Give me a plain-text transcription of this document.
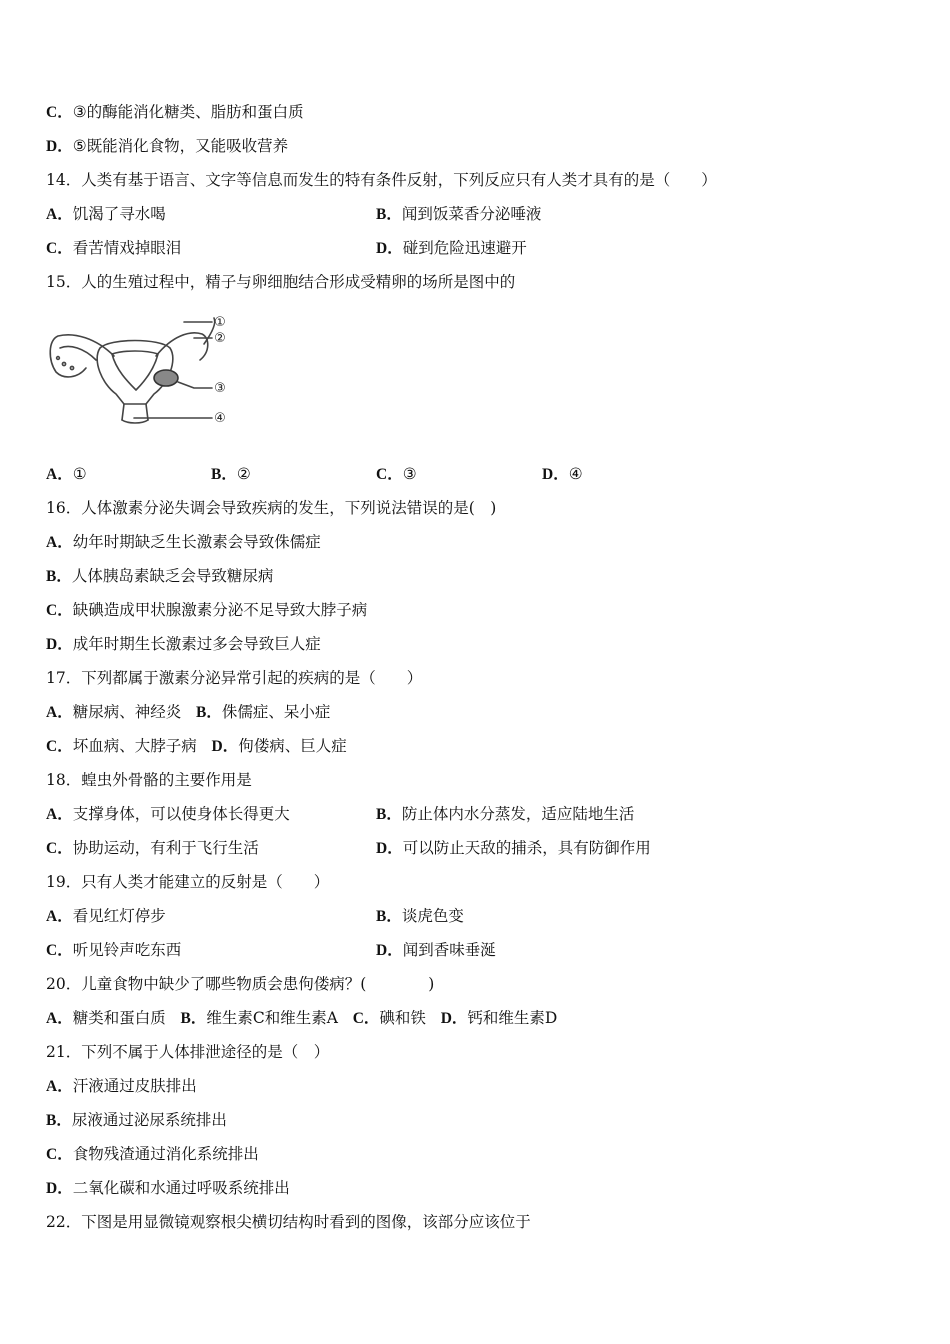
C．③的酶能消化糖类、脂肪和蛋白质
D．⑤既能消化食物，又能吸收营养
14．人类有基于语言、文字等信息而发生的特有条件反射，下列反应只有人类才具有的是（　　）
A．饥渴了寻水喝	B．闻到饭菜香分泌唾液
C．看苦情戏掉眼泪	D．碰到危险迅速避开
15．人的生殖过程中，精子与卵细胞结合形成受精卵的场所是图中的
①
②
③
④
A．①	B．②	C．③	D．④
16．人体激素分泌失调会导致疾病的发生，下列说法错误的是(　)
A．幼年时期缺乏生长激素会导致侏儒症
B．人体胰岛素缺乏会导致糖尿病
C．缺碘造成甲状腺激素分泌不足导致大脖子病
D．成年时期生长激素过多会导致巨人症
17．下列都属于激素分泌异常引起的疾病的是（　　）
A．糖尿病、神经炎 B．侏儒症、呆小症
C．坏血病、大脖子病 D．佝偻病、巨人症
18．蝗虫外骨骼的主要作用是
A．支撑身体，可以使身体长得更大	B．防止体内水分蒸发，适应陆地生活
C．协助运动，有利于飞行生活	D．可以防止天敌的捕杀，具有防御作用
19．只有人类才能建立的反射是（　　）
A．看见红灯停步	B．谈虎色变
C．听见铃声吃东西	D．闻到香味垂涎
20．儿童食物中缺少了哪些物质会患佝偻病？(　　　　)
A．糖类和蛋白质 B．维生素C和维生素A C．碘和铁 D．钙和维生素D
21．下列不属于人体排泄途径的是（　）
A．汗液通过皮肤排出
B．尿液通过泌尿系统排出
C．食物残渣通过消化系统排出
D．二氧化碳和水通过呼吸系统排出
22．下图是用显微镜观察根尖横切结构时看到的图像，该部分应该位于
